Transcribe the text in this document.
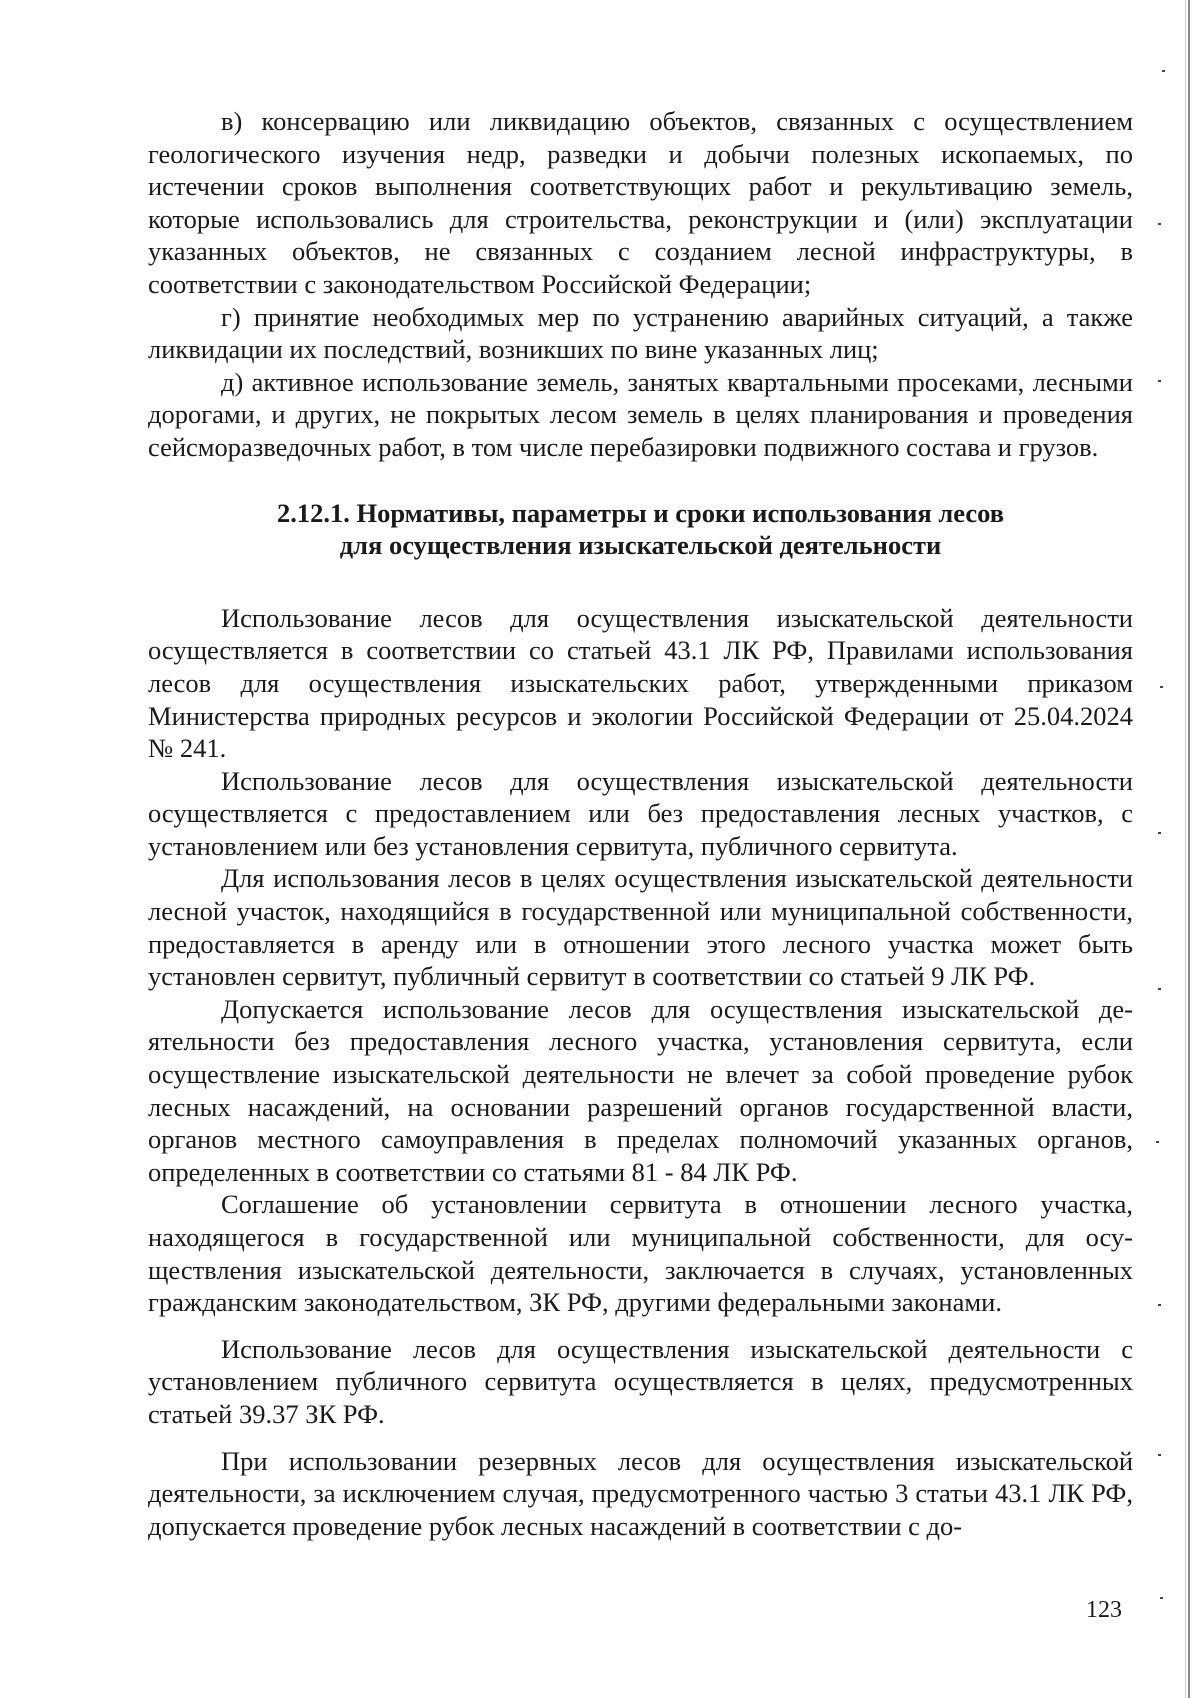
в) консервацию или ликвидацию объектов, связанных с осуществлением геологического изучения недр, разведки и добычи полезных ископаемых, по истечении сроков выполнения соответствующих работ и рекультивацию земель, которые использовались для строительства, реконструкции и (или) эксплуатации указанных объектов, не связанных с созданием лесной инфраструктуры, в соответствии с законодательством Российской Федерации;

г) принятие необходимых мер по устранению аварийных ситуаций, а также ликвидации их последствий, возникших по вине указанных лиц;

д) активное использование земель, занятых квартальными просеками, лесными дорогами, и других, не покрытых лесом земель в целях планирования и проведения сейсморазведочных работ, в том числе перебазировки подвижного состава и грузов.

2.12.1. Нормативы, параметры и сроки использования лесов
для осуществления изыскательской деятельности

Использование лесов для осуществления изыскательской деятельности осуществляется в соответствии со статьей 43.1 ЛК РФ, Правилами использования лесов для осуществления изыскательских работ, утвержденными приказом Министерства природных ресурсов и экологии Российской Федерации от 25.04.2024 № 241.

Использование лесов для осуществления изыскательской деятельности осуществляется с предоставлением или без предоставления лесных участков, с установлением или без установления сервитута, публичного сервитута.

Для использования лесов в целях осуществления изыскательской деятельности лесной участок, находящийся в государственной или муниципальной собственности, предоставляется в аренду или в отношении этого лесного участка может быть установлен сервитут, публичный сервитут в соответствии со статьей 9 ЛК РФ.

Допускается использование лесов для осуществления изыскательской деятельности без предоставления лесного участка, установления сервитута, если осуществление изыскательской деятельности не влечет за собой проведение рубок лесных насаждений, на основании разрешений органов государственной власти, органов местного самоуправления в пределах полномочий указанных органов, определенных в соответствии со статьями 81 - 84 ЛК РФ.

Соглашение об установлении сервитута в отношении лесного участка, находящегося в государственной или муниципальной собственности, для осуществления изыскательской деятельности, заключается в случаях, установленных гражданским законодательством, ЗК РФ, другими федеральными законами.

Использование лесов для осуществления изыскательской деятельности с установлением публичного сервитута осуществляется в целях, предусмотренных статьей 39.37 ЗК РФ.

При использовании резервных лесов для осуществления изыскательской деятельности, за исключением случая, предусмотренного частью 3 статьи 43.1 ЛК РФ, допускается проведение рубок лесных насаждений в соответствии с до-

123
